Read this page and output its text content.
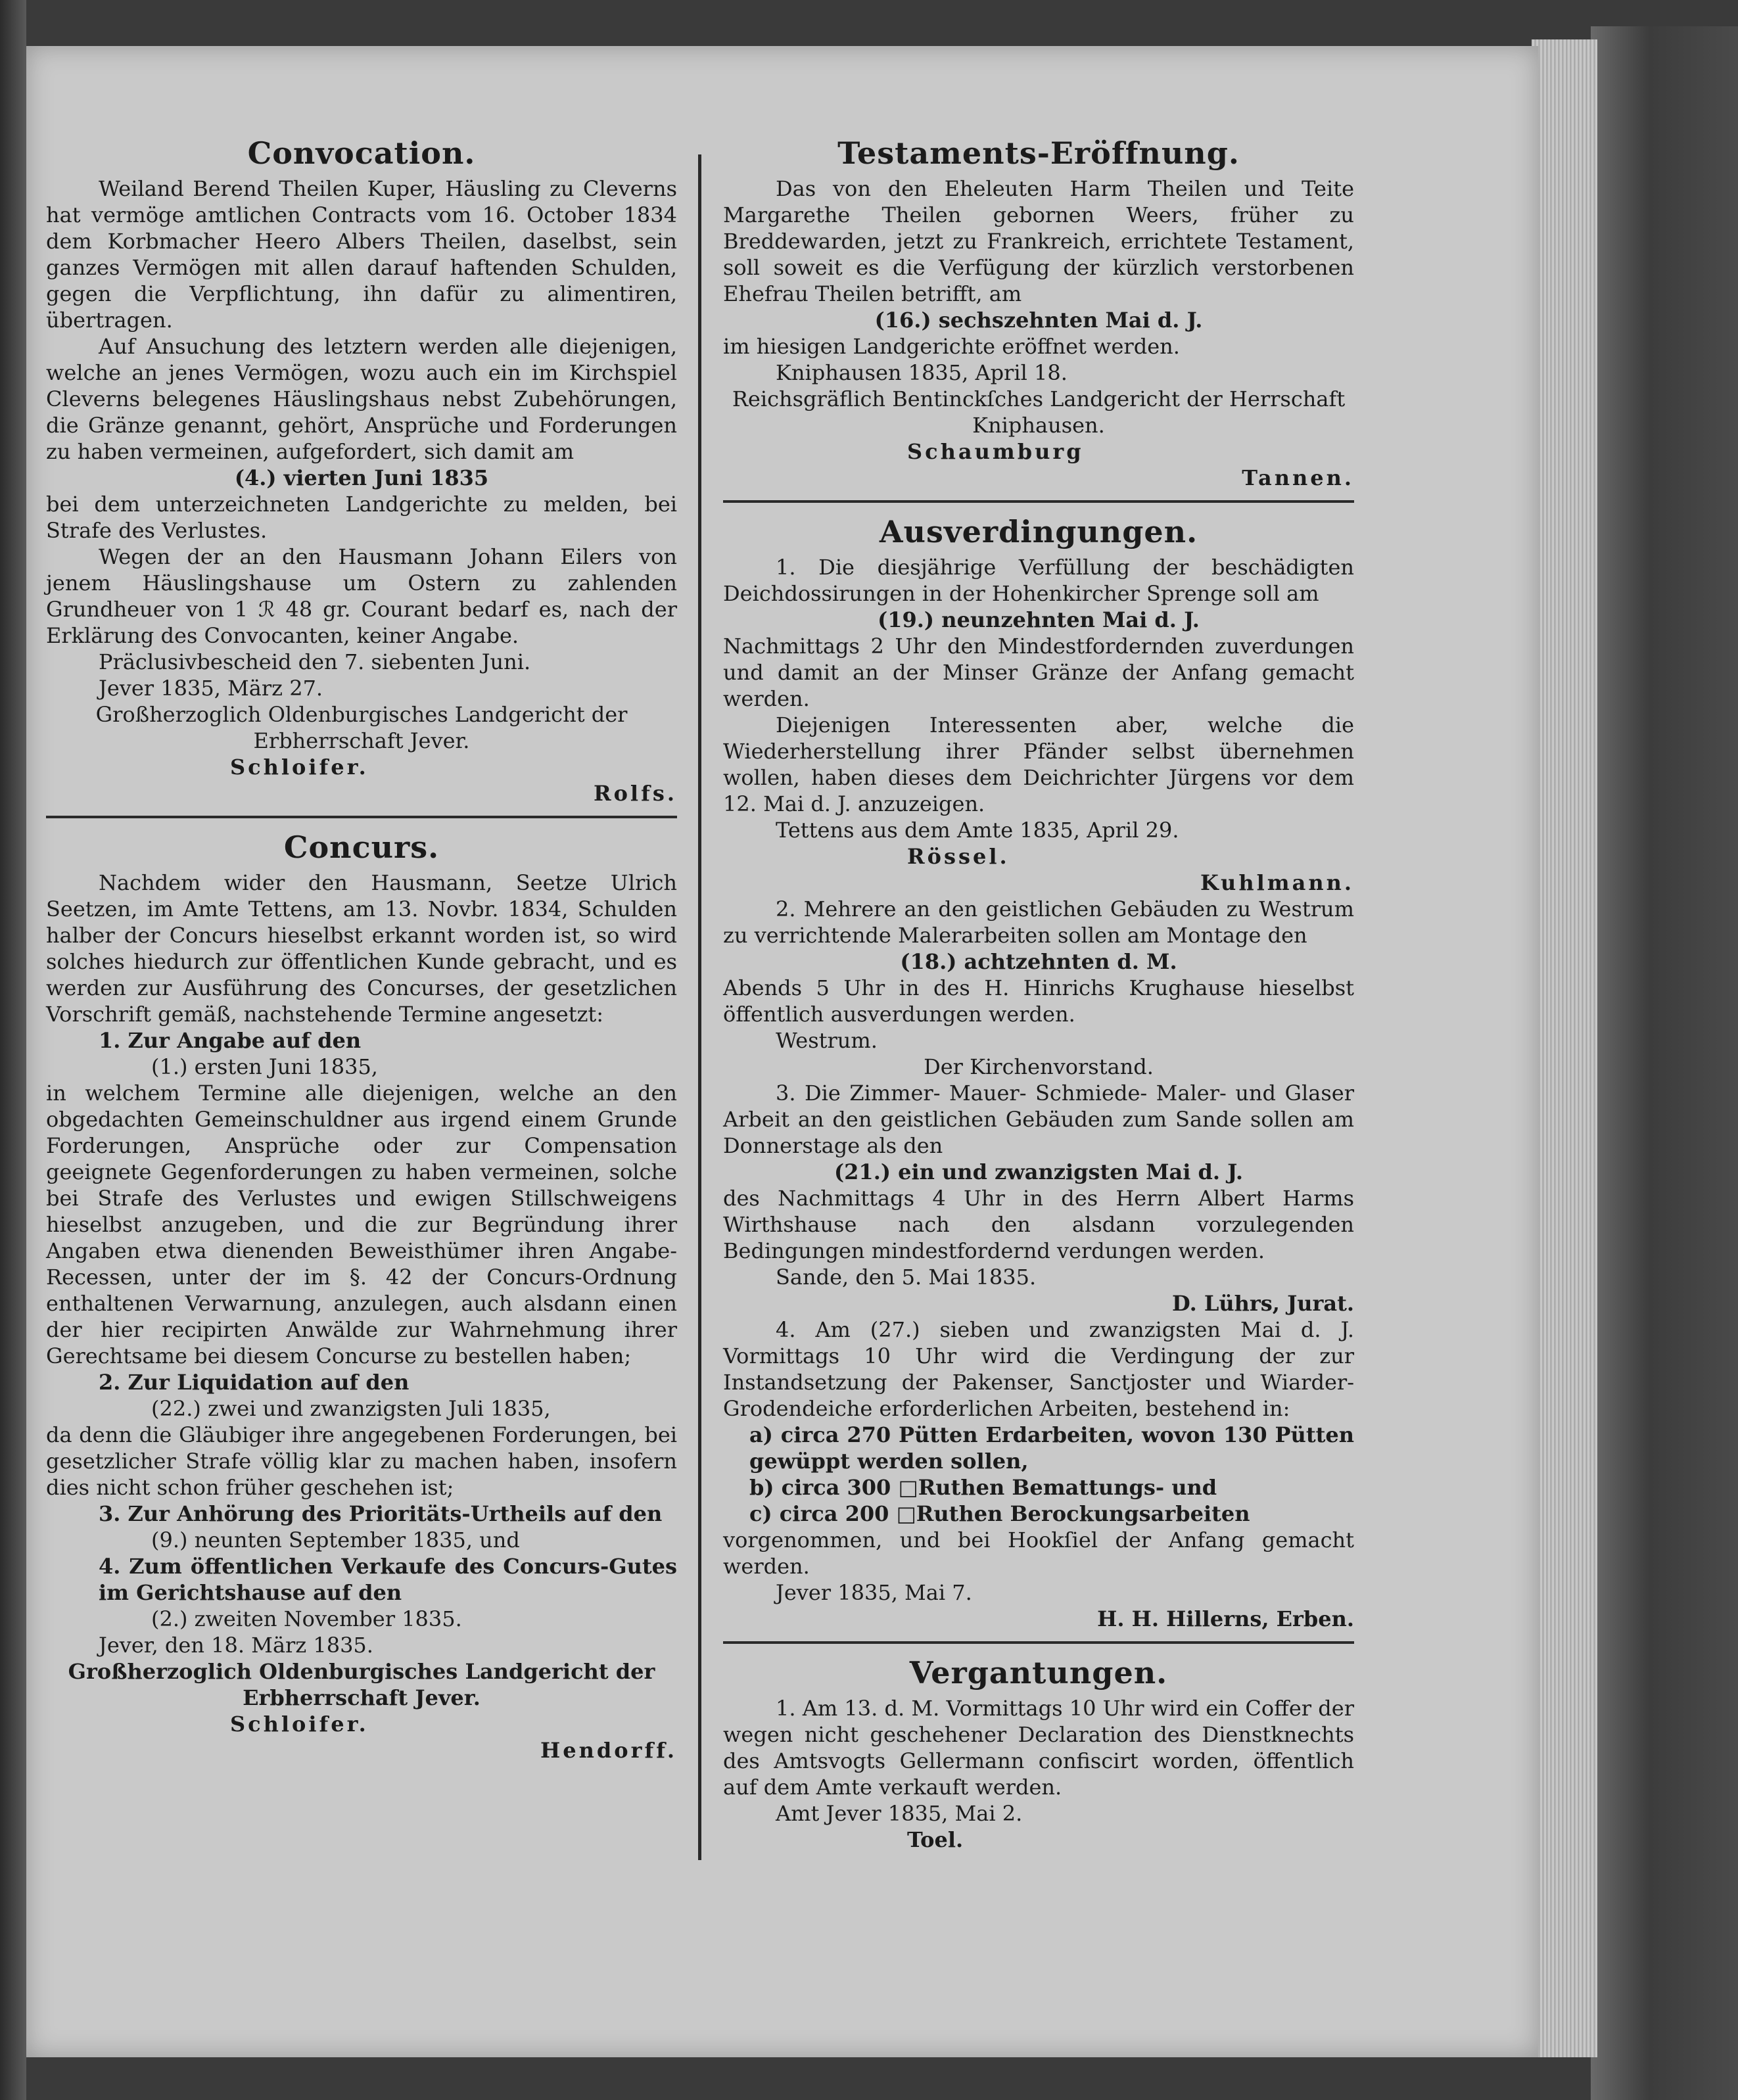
Convocation.

Weiland Berend Theilen Kuper, Häusling zu Cleverns hat vermöge amtlichen Contracts vom 16. October 1834 dem Korbmacher Heero Albers Theilen, daselbst, sein ganzes Vermögen mit allen darauf haftenden Schulden, gegen die Verpflichtung, ihn dafür zu alimentiren, übertragen.

Auf Ansuchung des letztern werden alle diejenigen, welche an jenes Vermögen, wozu auch ein im Kirchspiel Cleverns belegenes Häuslingshaus nebst Zubehörungen, die Gränze genannt, gehört, Ansprüche und Forderungen zu haben vermeinen, aufgefordert, sich damit am

(4.) vierten Juni 1835

bei dem unterzeichneten Landgerichte zu melden, bei Strafe des Verlustes.

Wegen der an den Hausmann Johann Eilers von jenem Häuslingshause um Ostern zu zahlenden Grundheuer von 1 ℛ 48 gr. Courant bedarf es, nach der Erklärung des Convocanten, keiner Angabe.

Präclusivbescheid den 7. siebenten Juni.

Jever 1835, März 27.

Großherzoglich Oldenburgisches Landgericht der Erbherrschaft Jever.

Schloifer.

Rolfs.

Concurs.

Nachdem wider den Hausmann, Seetze Ulrich Seetzen, im Amte Tettens, am 13. Novbr. 1834, Schulden halber der Concurs hieselbst erkannt worden ist, so wird solches hiedurch zur öffentlichen Kunde gebracht, und es werden zur Ausführung des Concurses, der gesetzlichen Vorschrift gemäß, nachstehende Termine angesetzt:

1. Zur Angabe auf den

(1.) ersten Juni 1835,

in welchem Termine alle diejenigen, welche an den obgedachten Gemeinschuldner aus irgend einem Grunde Forderungen, Ansprüche oder zur Compensation geeignete Gegenforderungen zu haben vermeinen, solche bei Strafe des Verlustes und ewigen Stillschweigens hieselbst anzugeben, und die zur Begründung ihrer Angaben etwa dienenden Beweisthümer ihren Angabe-Recessen, unter der im §. 42 der Concurs-Ordnung enthaltenen Verwarnung, anzulegen, auch alsdann einen der hier recipirten Anwälde zur Wahrnehmung ihrer Gerechtsame bei diesem Concurse zu bestellen haben;

2. Zur Liquidation auf den

(22.) zwei und zwanzigsten Juli 1835,

da denn die Gläubiger ihre angegebenen Forderungen, bei gesetzlicher Strafe völlig klar zu machen haben, insofern dies nicht schon früher geschehen ist;

3. Zur Anhörung des Prioritäts-Urtheils auf den

(9.) neunten September 1835, und

4. Zum öffentlichen Verkaufe des Concurs-Gutes im Gerichtshause auf den

(2.) zweiten November 1835.

Jever, den 18. März 1835.

Großherzoglich Oldenburgisches Landgericht der Erbherrschaft Jever.

Schloifer.

Hendorff.

Testaments-Eröffnung.

Das von den Eheleuten Harm Theilen und Teite Margarethe Theilen gebornen Weers, früher zu Breddewarden, jetzt zu Frankreich, errichtete Testament, soll soweit es die Verfügung der kürzlich verstorbenen Ehefrau Theilen betrifft, am

(16.) sechszehnten Mai d. J.

im hiesigen Landgerichte eröffnet werden.

Kniphausen 1835, April 18.

Reichsgräflich Bentinckſches Landgericht der Herrschaft Kniphausen.

Schaumburg

Tannen.

Ausverdingungen.

1. Die diesjährige Verfüllung der beschädigten Deichdossirungen in der Hohenkircher Sprenge soll am

(19.) neunzehnten Mai d. J.

Nachmittags 2 Uhr den Mindestfordernden zuverdungen und damit an der Minser Gränze der Anfang gemacht werden.

Diejenigen Interessenten aber, welche die Wiederherstellung ihrer Pfänder selbst übernehmen wollen, haben dieses dem Deichrichter Jürgens vor dem 12. Mai d. J. anzuzeigen.

Tettens aus dem Amte 1835, April 29.

Rössel.

Kuhlmann.

2. Mehrere an den geistlichen Gebäuden zu Westrum zu verrichtende Malerarbeiten sollen am Montage den

(18.) achtzehnten d. M.

Abends 5 Uhr in des H. Hinrichs Krughause hieselbst öffentlich ausverdungen werden.

Westrum.

Der Kirchenvorstand.

3. Die Zimmer- Mauer- Schmiede- Maler- und Glaser Arbeit an den geistlichen Gebäuden zum Sande sollen am Donnerstage als den

(21.) ein und zwanzigsten Mai d. J.

des Nachmittags 4 Uhr in des Herrn Albert Harms Wirthshause nach den alsdann vorzulegenden Bedingungen mindestfordernd verdungen werden.

Sande, den 5. Mai 1835.

D. Lührs, Jurat.

4. Am (27.) sieben und zwanzigsten Mai d. J. Vormittags 10 Uhr wird die Verdingung der zur Instandsetzung der Pakenser, Sanctjoster und Wiarder-Grodendeiche erforderlichen Arbeiten, bestehend in:

a) circa 270 Pütten Erdarbeiten, wovon 130 Pütten gewüppt werden sollen,

b) circa 300 □Ruthen Bemattungs- und

c) circa 200 □Ruthen Berockungsarbeiten

vorgenommen, und bei Hookſiel der Anfang gemacht werden.

Jever 1835, Mai 7.

H. H. Hillerns, Erben.

Vergantungen.

1. Am 13. d. M. Vormittags 10 Uhr wird ein Coffer der wegen nicht geschehener Declaration des Dienstknechts des Amtsvogts Gellermann confiscirt worden, öffentlich auf dem Amte verkauft werden.

Amt Jever 1835, Mai 2.

Toel.
